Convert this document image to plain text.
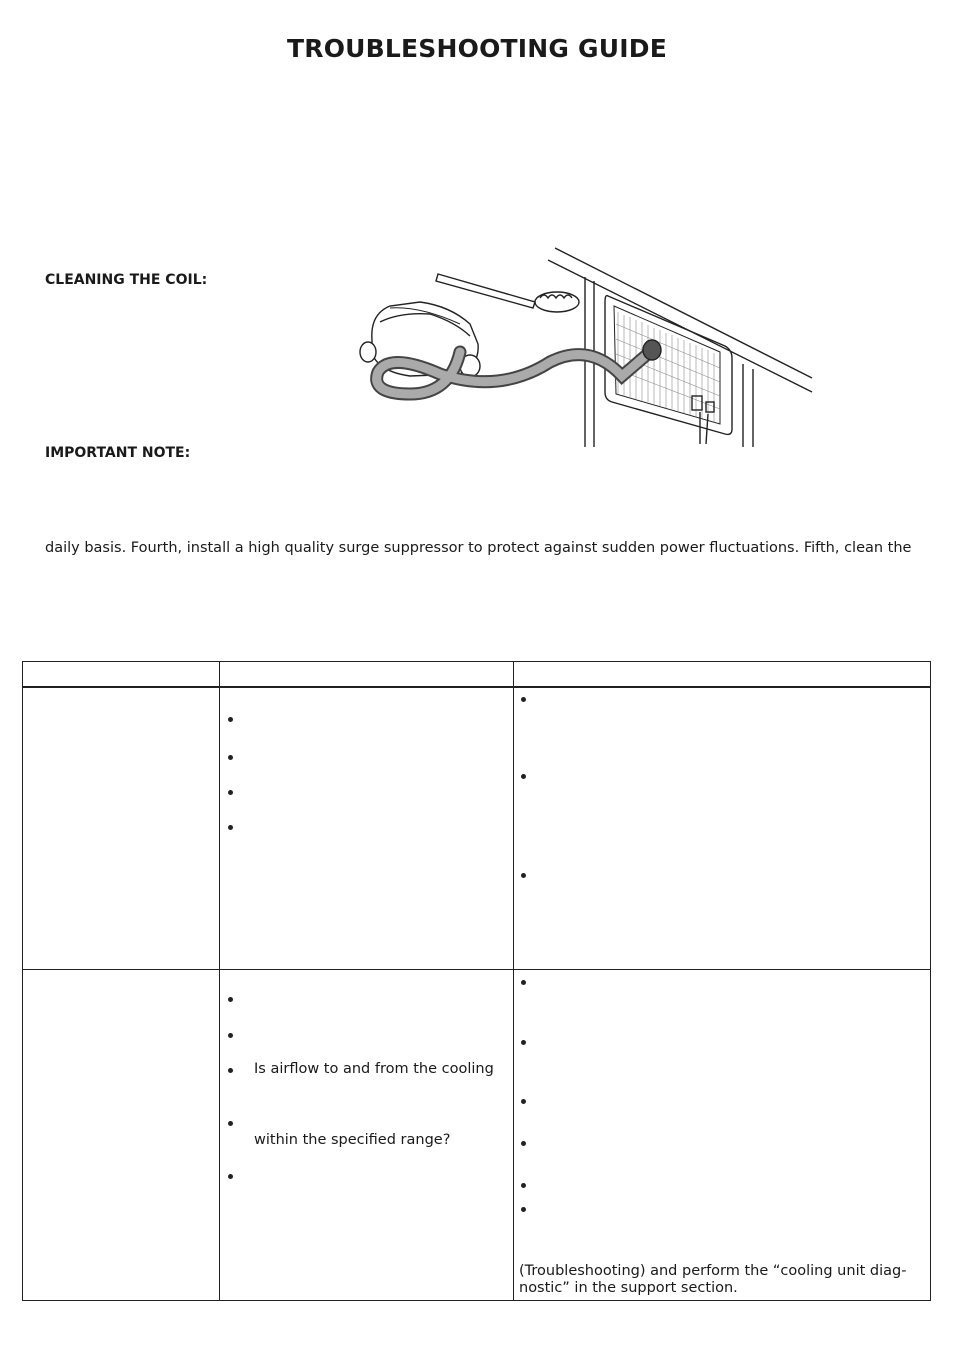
TROUBLESHOOTING GUIDE
CLEANING THE COIL:
IMPORTANT NOTE:
daily basis. Fourth, install a high quality surge suppressor to protect against sudden power fluctuations. Fifth, clean the
Is airflow to and from the cooling
within the specified range?
(Troubleshooting) and perform the “cooling unit diag-
nostic” in the support section.
